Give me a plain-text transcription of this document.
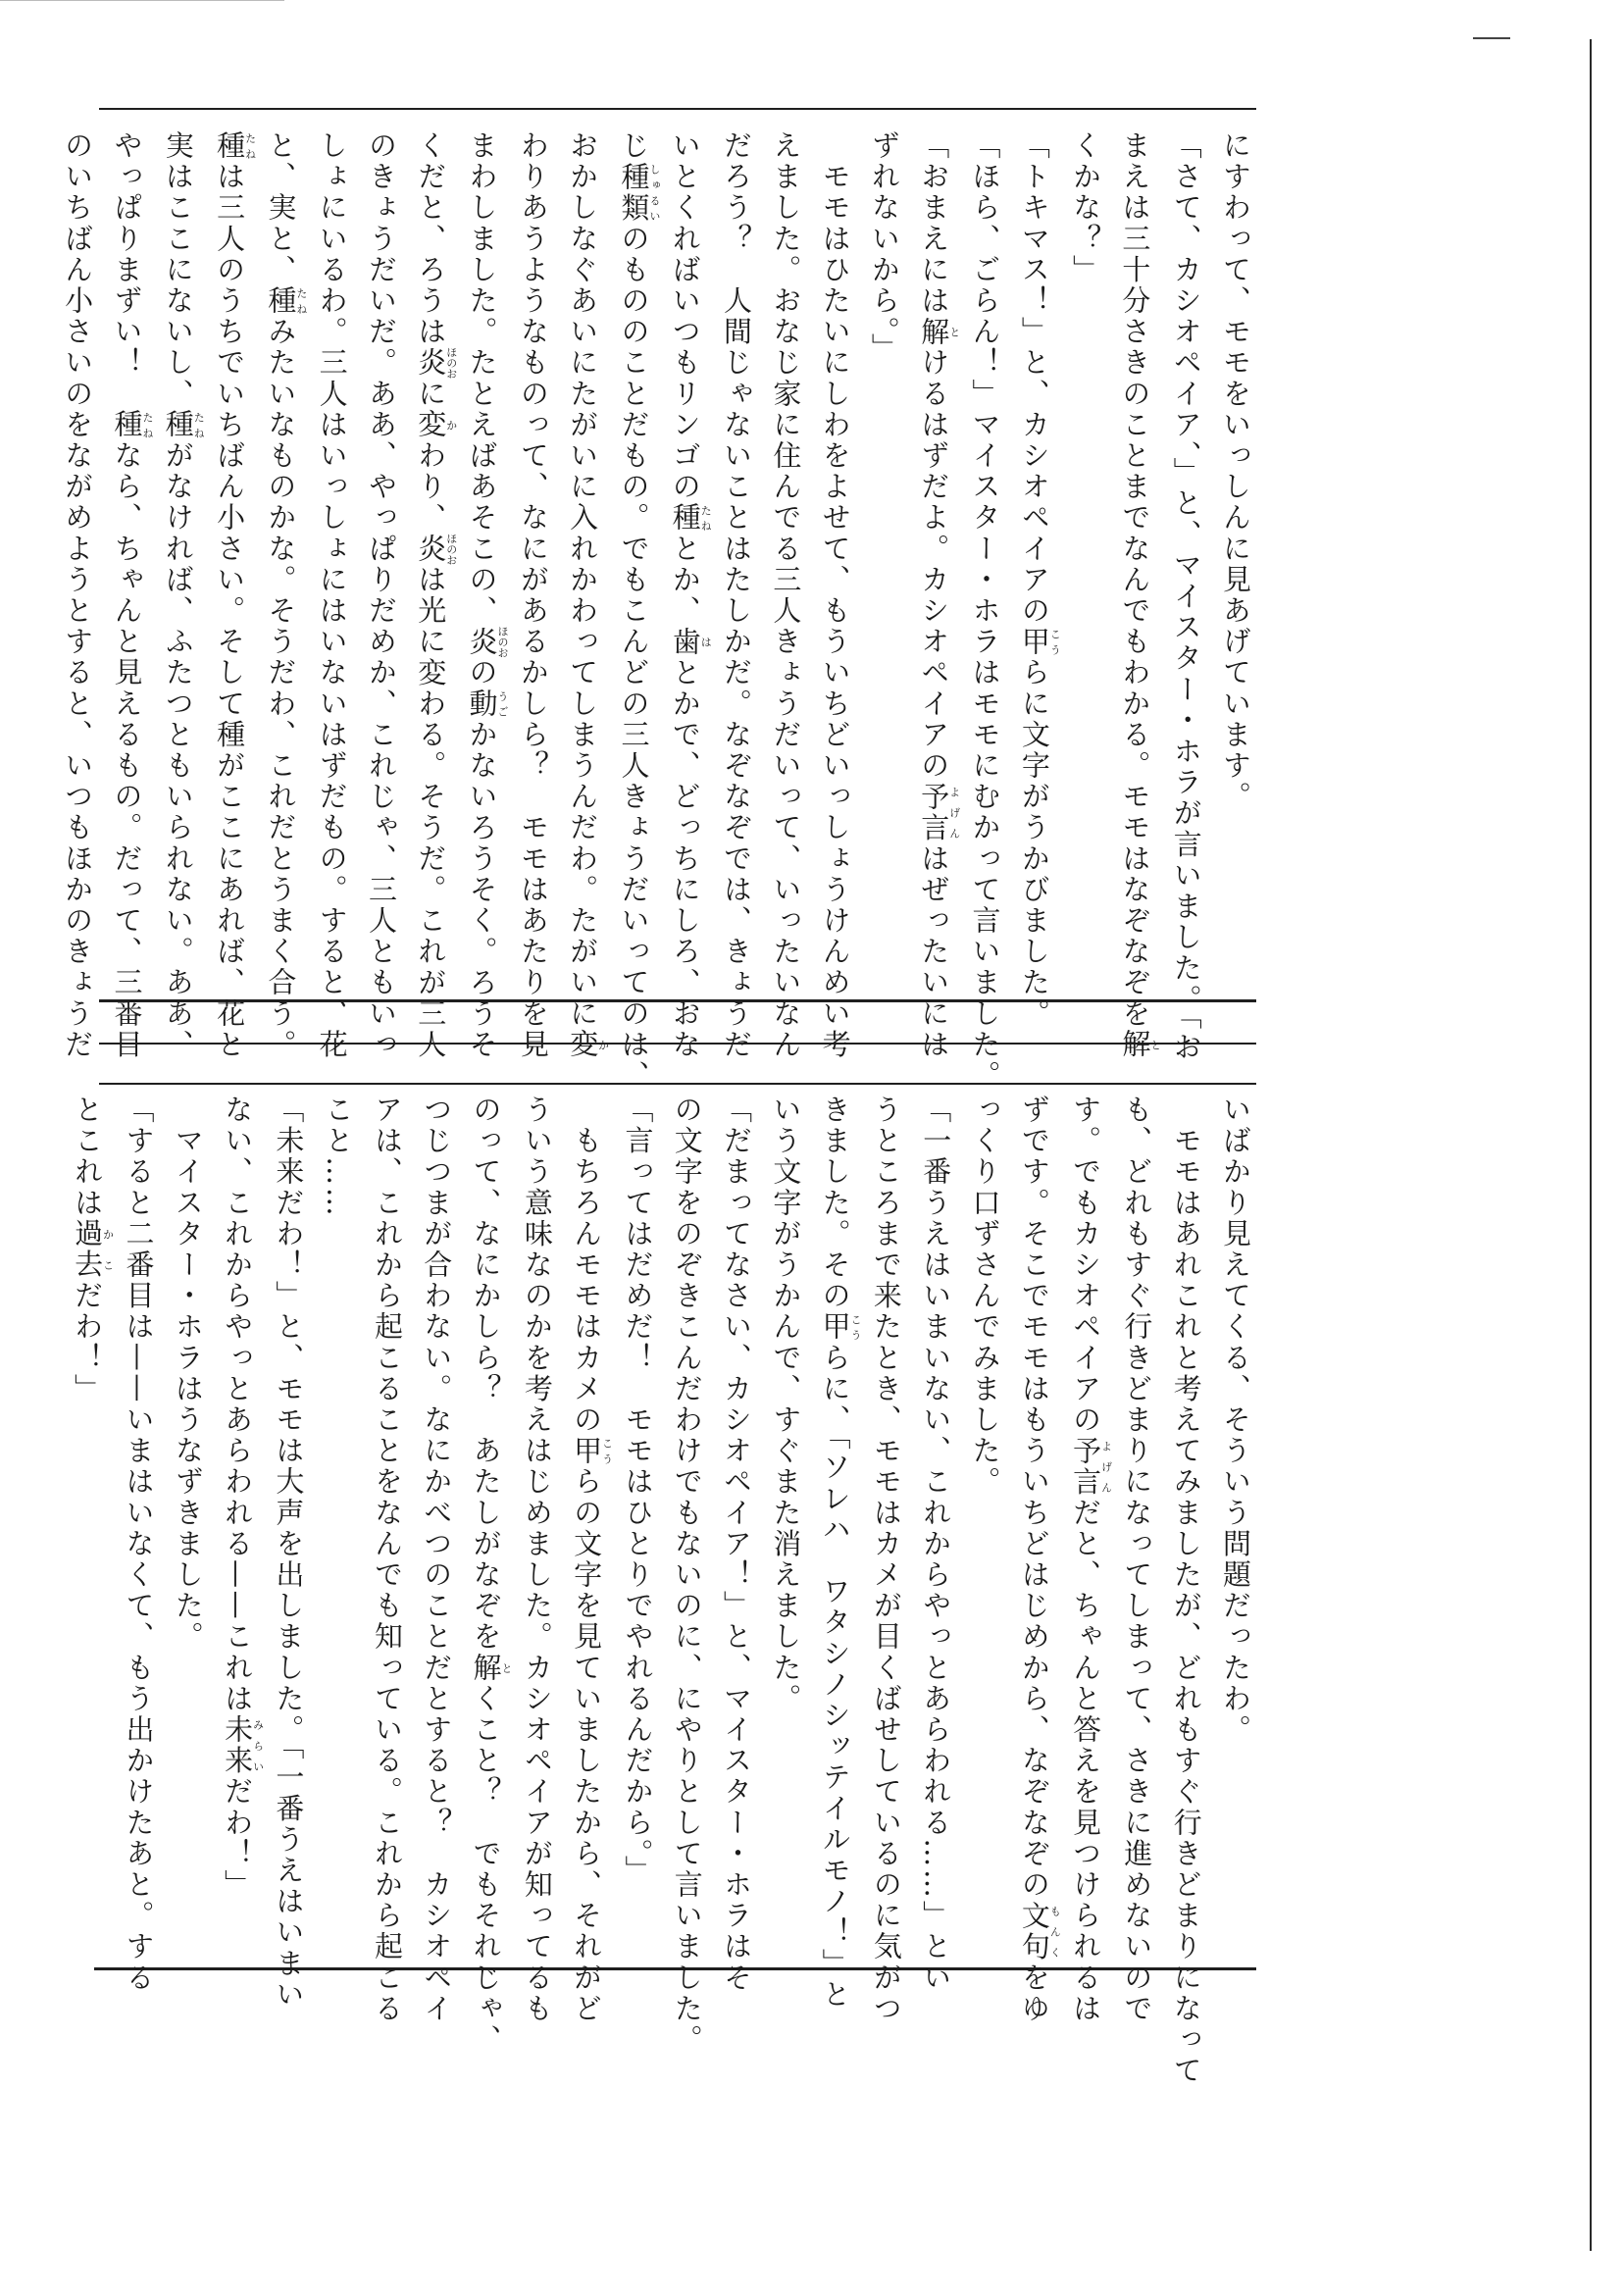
にすわって、モモをいっしんに見あげています。
「さて、カシオペイア、」と、マイスター・ホラが言いました。「お
まえは三十分さきのことまでなんでもわかる。モモはなぞなぞを解と
くかな？」
「トキマス！」と、カシオペイアの甲こうらに文字がうかびました。
「ほら、ごらん！」マイスター・ホラはモモにむかって言いました。
「おまえには解とけるはずだよ。カシオペイアの予言よげんはぜったいには
ずれないから。」
　モモはひたいにしわをよせて、もういちどいっしょうけんめい考
えました。おなじ家に住んでる三人きょうだいって、いったいなん
だろう？　人間じゃないことはたしかだ。なぞなぞでは、きょうだ
いとくればいつもリンゴの種たねとか、歯はとかで、どっちにしろ、おな
じ種類しゅるいのもののことだもの。でもこんどの三人きょうだいってのは、
おかしなぐあいにたがいに入れかわってしまうんだわ。たがいに変か
わりあうようなものって、なにがあるかしら？　モモはあたりを見
まわしました。たとえばあそこの、炎ほのおの動うごかないろうそく。ろうそ
くだと、ろうは炎ほのおに変かわり、炎ほのおは光に変わる。そうだ。これが三人
のきょうだいだ。ああ、やっぱりだめか、これじゃ、三人ともいっ
しょにいるわ。三人はいっしょにはいないはずだもの。すると、花
と、実と、種たねみたいなものかな。そうだわ、これだとうまく合う。
種たねは三人のうちでいちばん小さい。そして種がここにあれば、花と
実はここにないし、種たねがなければ、ふたつともいられない。ああ、
やっぱりまずい！　種たねなら、ちゃんと見えるもの。だって、三番目
のいちばん小さいのをながめようとすると、いつもほかのきょうだ
いばかり見えてくる、そういう問題だったわ。
　モモはあれこれと考えてみましたが、どれもすぐ行きどまりになって
も、どれもすぐ行きどまりになってしまって、さきに進めないので
す。でもカシオペイアの予言よげんだと、ちゃんと答えを見つけられるは
ずです。そこでモモはもういちどはじめから、なぞなぞの文句もんくをゆ
っくり口ずさんでみました。
「一番うえはいまいない、これからやっとあらわれる……」とい
うところまで来たとき、モモはカメが目くばせしているのに気がつ
きました。その甲こうらに、「ソレハ　ワタシノシッテイルモノ！」と
いう文字がうかんで、すぐまた消えました。
「だまってなさい、カシオペイア！」と、マイスター・ホラはそ
の文字をのぞきこんだわけでもないのに、にやりとして言いました。
「言ってはだめだ！　モモはひとりでやれるんだから。」
　もちろんモモはカメの甲こうらの文字を見ていましたから、それがど
ういう意味なのかを考えはじめました。カシオペイアが知ってるも
のって、なにかしら？　あたしがなぞを解とくこと？　でもそれじゃ、
つじつまが合わない。なにかべつのことだとすると？　カシオペイ
アは、これから起こることをなんでも知っている。これから起こる
こと……
「未来だわ！」と、モモは大声を出しました。「一番うえはいまい
ない、これからやっとあらわれる——これは未来みらいだわ！」
　マイスター・ホラはうなずきました。
「すると二番目は——いまはいなくて、もう出かけたあと。する
とこれは過去かこだわ！」
